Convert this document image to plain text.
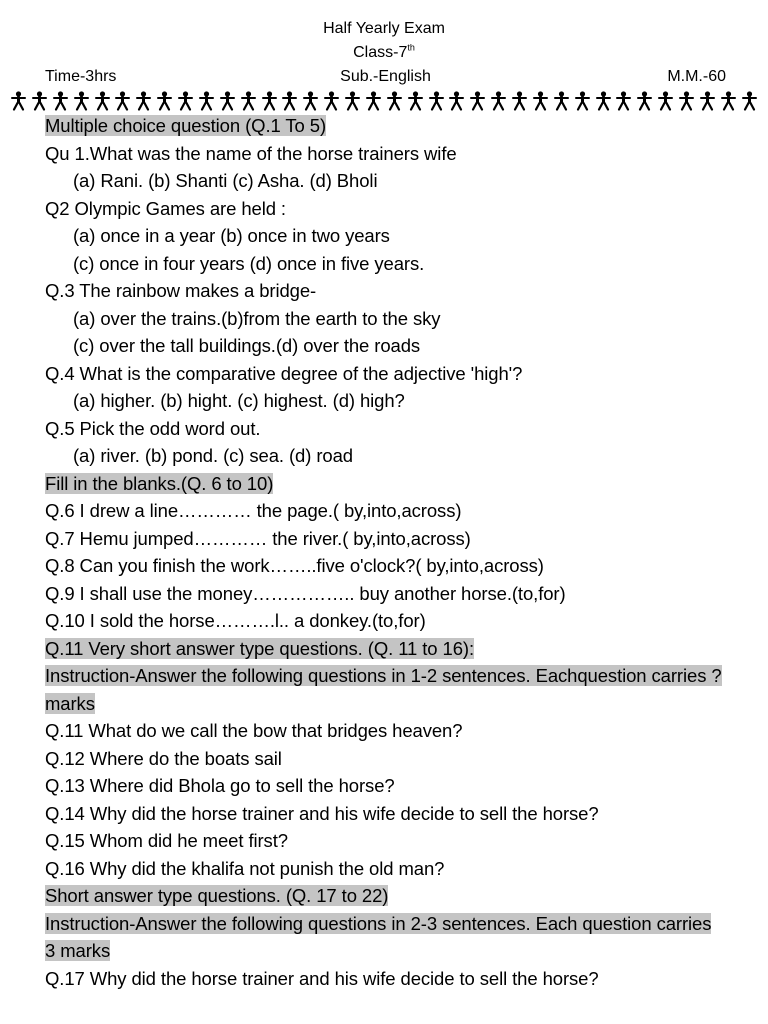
Half Yearly Exam
Class-7th
Sub.-English
Time-3hrs	M.M.-60
Multiple choice question (Q.1 To 5)
Qu 1.What was the name of the horse trainers wife
(a) Rani. (b) Shanti (c) Asha. (d) Bholi
Q2 Olympic Games are held :
(a) once in a year (b) once in two years
(c) once in four years (d) once in five years.
Q.3 The rainbow makes a bridge-
(a) over the trains.(b)from the earth to the sky
(c) over the tall buildings.(d) over the roads
Q.4 What is the comparative degree of the adjective 'high'?
(a) higher. (b) hight. (c) highest. (d) high?
Q.5 Pick the odd word out.
(a) river. (b) pond. (c) sea. (d) road
Fill in the blanks.(Q. 6 to 10)
Q.6 I drew a line………… the page.( by,into,across)
Q.7 Hemu jumped………… the river.( by,into,across)
Q.8 Can you finish the work……..five o'clock?( by,into,across)
Q.9 I shall use the money…………….. buy another horse.(to,for)
Q.10 I sold the horse……….l.. a donkey.(to,for)
Q.11 Very short answer type questions. (Q. 11 to 16):
Instruction-Answer the following questions in 1-2 sentences. Eachquestion carries ? marks
Q.11 What do we call the bow that bridges heaven?
Q.12 Where do the boats sail
Q.13 Where did Bhola go to sell the horse?
Q.14 Why did the horse trainer and his wife decide to sell the horse?
Q.15 Whom did he meet first?
Q.16 Why did the khalifa not punish the old man?
Short answer type questions. (Q. 17 to 22)
Instruction-Answer the following questions in 2-3 sentences. Each question carries 3 marks
Q.17 Why did the horse trainer and his wife decide to sell the horse?
